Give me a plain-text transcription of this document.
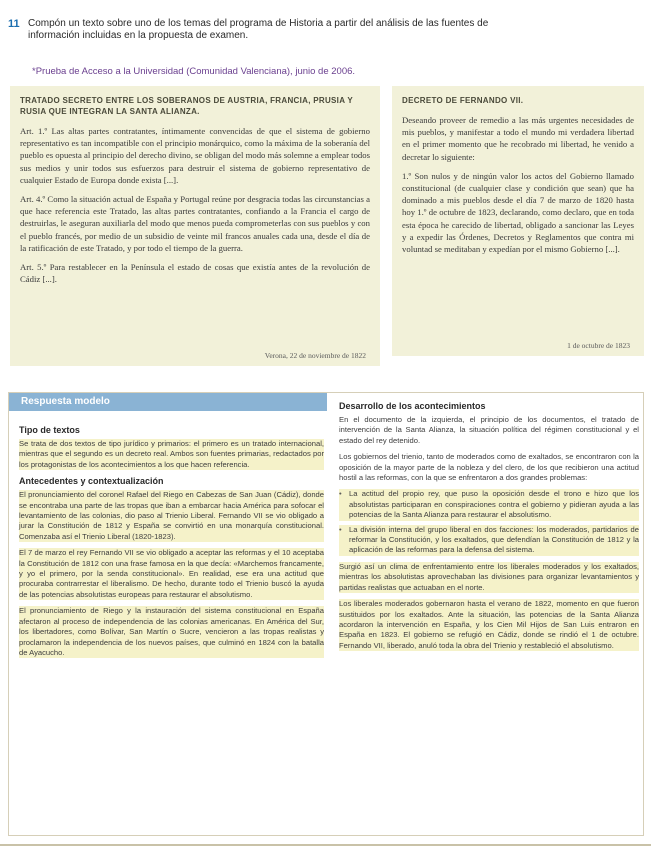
11 Compón un texto sobre uno de los temas del programa de Historia a partir del análisis de las fuentes de información incluidas en la propuesta de examen.
*Prueba de Acceso a la Universidad (Comunidad Valenciana), junio de 2006.
TRATADO SECRETO ENTRE LOS SOBERANOS DE AUSTRIA, FRANCIA, PRUSIA Y RUSIA QUE INTEGRAN LA SANTA ALIANZA.

Art. 1.º Las altas partes contratantes, íntimamente convencidas de que el sistema de gobierno representativo es tan incompatible con el principio monárquico, como la máxima de la soberanía del pueblo es opuesta al principio del derecho divino, se obligan del modo más solemne a emplear todos sus medios y unir todos sus esfuerzos para destruir el sistema de gobierno representativo de cualquier Estado de Europa donde exista [...].

Art. 4.º Como la situación actual de España y Portugal reúne por desgracia todas las circunstancias a que hace referencia este Tratado, las altas partes contratantes, confiando a la Francia el cargo de destruirlas, le aseguran auxiliarla del modo que menos pueda comprometerlas con sus pueblos y con el pueblo francés, por medio de un subsidio de veinte mil francos anuales cada una, desde el día de la ratificación de este Tratado, y por todo el tiempo de la guerra.

Art. 5.º Para restablecer en la Península el estado de cosas que existía antes de la revolución de Cádiz [...].

Verona, 22 de noviembre de 1822
DECRETO DE FERNANDO VII.

Deseando proveer de remedio a las más urgentes necesidades de mis pueblos, y manifestar a todo el mundo mi verdadera libertad en el primer momento que he recobrado mi libertad, he venido a decretar lo siguiente:

1.º Son nulos y de ningún valor los actos del Gobierno llamado constitucional (de cualquier clase y condición que sean) que ha dominado a mis pueblos desde el día 7 de marzo de 1820 hasta hoy 1.º de octubre de 1823, declarando, como declaro, que en toda esta época he carecido de libertad, obligado a sancionar las Leyes y a expedir las Órdenes, Decretos y Reglamentos que contra mi voluntad se meditaban y expedían por el mismo Gobierno [...].

1 de octubre de 1823
Respuesta modelo
Tipo de textos

Se trata de dos textos de tipo jurídico y primarios: el primero es un tratado internacional, mientras que el segundo es un decreto real. Ambos son fuentes primarias, redactados por los protagonistas de los acontecimientos a los que hacen referencia.

Antecedentes y contextualización

El pronunciamiento del coronel Rafael del Riego en Cabezas de San Juan (Cádiz), donde se encontraba una parte de las tropas que iban a embarcar hacia América para sofocar el levantamiento de las colonias, dio paso al Trienio Liberal. Fernando VII se vio obligado a jurar la Constitución de 1812 y España se convirtió en una monarquía constitucional. Comenzaba así el Trienio Liberal (1820-1823).

El 7 de marzo el rey Fernando VII se vio obligado a aceptar las reformas y el 10 aceptaba la Constitución de 1812 con una frase famosa en la que decía: «Marchemos francamente, y yo el primero, por la senda constitucional». En realidad, ese era una actitud que procuraba contrarrestar el liberalismo. De hecho, durante todo el Trienio buscó la ayuda de las potencias absolutistas europeas para restaurar el absolutismo.

El pronunciamiento de Riego y la instauración del sistema constitucional en España afectaron al proceso de independencia de las colonias americanas. En América del Sur, los libertadores, como Bolívar, San Martín o Sucre, vencieron a las tropas realistas y proclamaron la independencia de los nuevos países, que culminó en 1824 con la batalla de Ayacucho.

Desarrollo de los acontecimientos

En el documento de la izquierda, el principio de los documentos, el tratado de intervención de la Santa Alianza, la situación política del régimen constitucional y el estado del rey detenido.

Los gobiernos del trienio, tanto de moderados como de exaltados, se encontraron con la oposición de la mayor parte de la nobleza y del clero, de los que recibieron una actitud hostil a las reformas, con la que se enfrentaron a dos grandes problemas:

• La actitud del propio rey, que puso la oposición desde el trono e hizo que los absolutistas participaran en conspiraciones contra el gobierno y pidieran ayuda a las potencias de la Santa Alianza para restaurar el absolutismo.
• La división interna del grupo liberal en dos facciones: los moderados, partidarios de reformar la Constitución, y los exaltados, que defendían la Constitución de 1812 y la aplicación de las reformas para la defensa del sistema.

Surgió así un clima de enfrentamiento entre los liberales moderados y los exaltados, mientras los absolutistas aprovechaban las divisiones para organizar levantamientos y partidas realistas que actuaban en el norte.

Los liberales moderados gobernaron hasta el verano de 1822, momento en que fueron sustituidos por los exaltados. Ante la situación, las potencias de la Santa Alianza acordaron la intervención en España, y los Cien Mil Hijos de San Luis entraron en España en 1823. El gobierno se refugió en Cádiz, donde se rindió el 1 de octubre. Fernando VII, liberado, anuló toda la obra del Trienio y restableció el absolutismo.
